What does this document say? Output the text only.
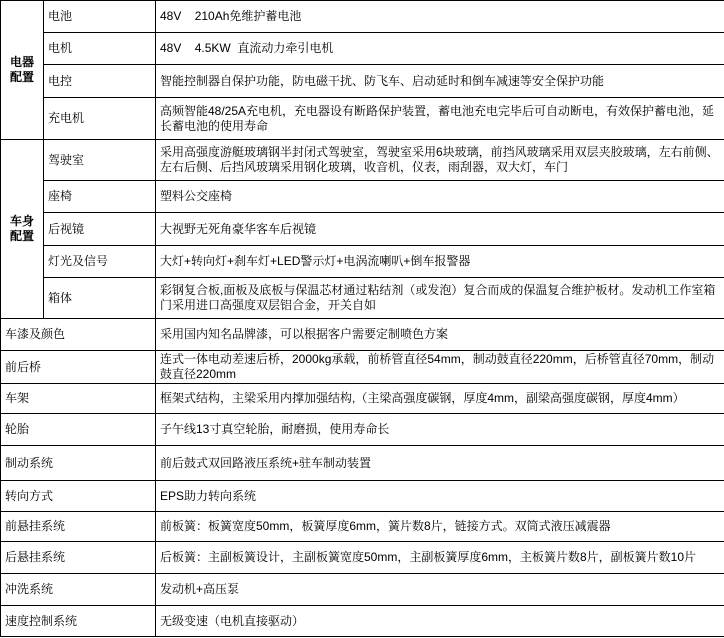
电器配置	电池	48V    210Ah免维护蓄电池
	电机	48V    4.5KW  直流动力牵引电机
	电控	智能控制器自保护功能，防电磁干扰、防飞车、启动延时和倒车减速等安全保护功能
	充电机	高频智能48/25A充电机，充电器设有断路保护装置，蓄电池充电完毕后可自动断电，有效保护蓄电池，延长蓄电池的使用寿命
车身配置	驾驶室	采用高强度游艇玻璃钢半封闭式驾驶室，驾驶室采用6块玻璃，前挡风玻璃采用双层夹胶玻璃，左右前侧、左右后侧、后挡风玻璃采用钢化玻璃，收音机，仪表，雨刮器，双大灯，车门
	座椅	塑料公交座椅
	后视镜	大视野无死角豪华客车后视镜
	灯光及信号	大灯+转向灯+刹车灯+LED警示灯+电涡流喇叭+倒车报警器
	箱体	彩钢复合板,面板及底板与保温芯材通过粘结剂（或发泡）复合而成的保温复合维护板材。发动机工作室箱门采用进口高强度双层铝合金，开关自如
车漆及颜色		采用国内知名品牌漆，可以根据客户需要定制喷色方案
前后桥		连式一体电动差速后桥，2000kg承载，前桥管直径54mm，制动鼓直径220mm，后桥管直径70mm，制动鼓直径220mm
车架		框架式结构，主梁采用内撑加强结构,（主梁高强度碳钢，厚度4mm，副梁高强度碳钢，厚度4mm）
轮胎		子午线13寸真空轮胎，耐磨损，使用寿命长
制动系统		前后鼓式双回路液压系统+驻车制动装置
转向方式		EPS助力转向系统
前悬挂系统		前板簧：板簧宽度50mm，板簧厚度6mm，簧片数8片，链接方式。双筒式液压减震器
后悬挂系统		后板簧：主副板簧设计，主副板簧宽度50mm，主副板簧厚度6mm，主板簧片数8片，副板簧片数10片
冲洗系统		发动机+高压泵
速度控制系统		无级变速（电机直接驱动）
